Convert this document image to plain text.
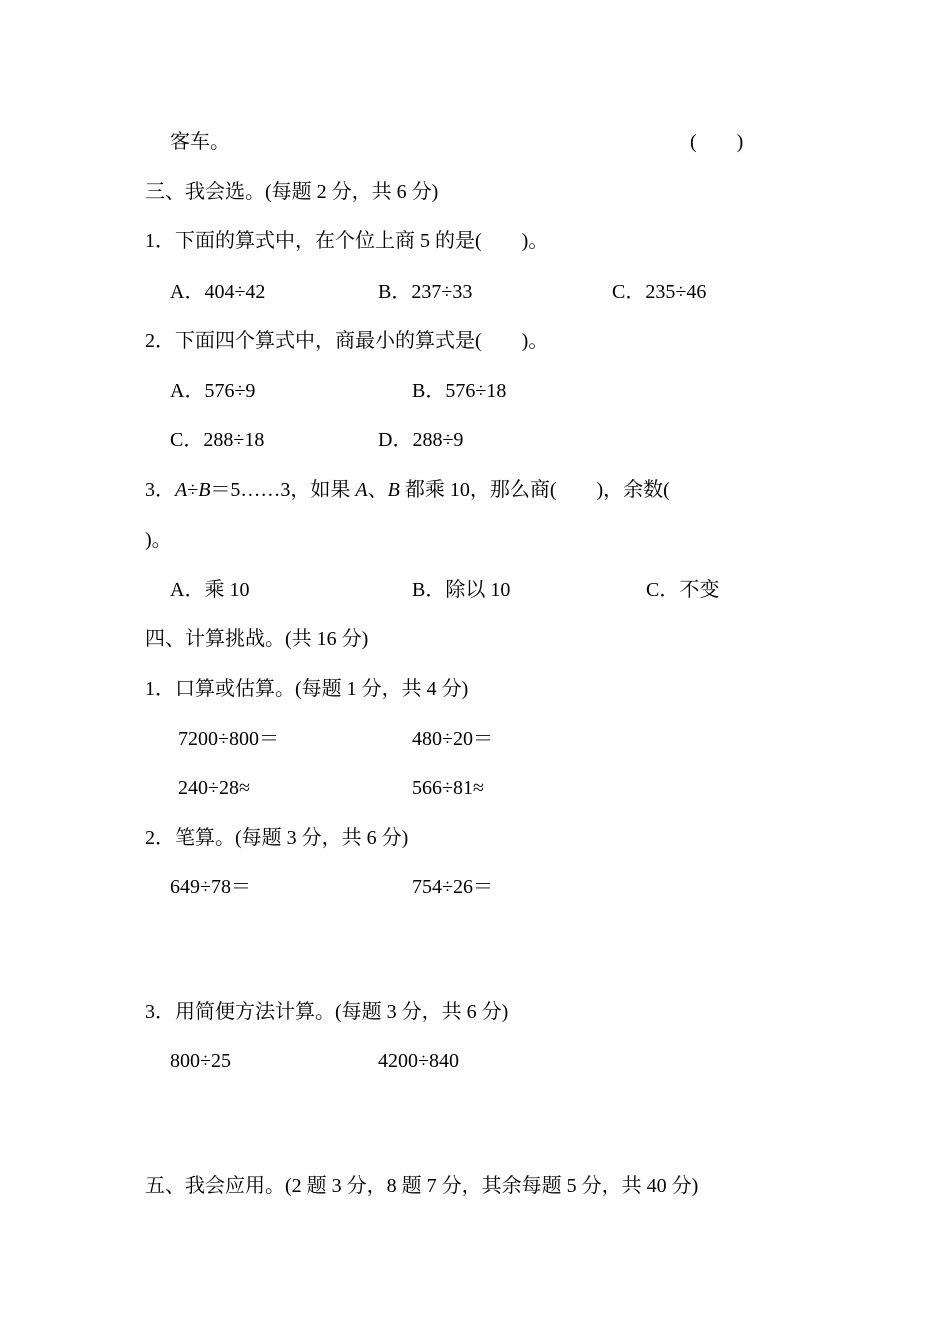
客车。	(　　)
三、我会选。(每题 2 分，共 6 分)
1．下面的算式中，在个位上商 5 的是(　　)。
A．404÷42	B．237÷33	C．235÷46
2．下面四个算式中，商最小的算式是(　　)。
A．576÷9	B．576÷18
C．288÷18	D．288÷9
3．A÷B＝5……3，如果 A、B 都乘 10，那么商(　　)，余数(
)。
A．乘 10	B．除以 10	C．不变
四、计算挑战。(共 16 分)
1．口算或估算。(每题 1 分，共 4 分)
7200÷800＝	480÷20＝
240÷28≈	566÷81≈
2．笔算。(每题 3 分，共 6 分)
649÷78＝	754÷26＝
3．用简便方法计算。(每题 3 分，共 6 分)
800÷25	4200÷840
五、我会应用。(2 题 3 分，8 题 7 分，其余每题 5 分，共 40 分)
